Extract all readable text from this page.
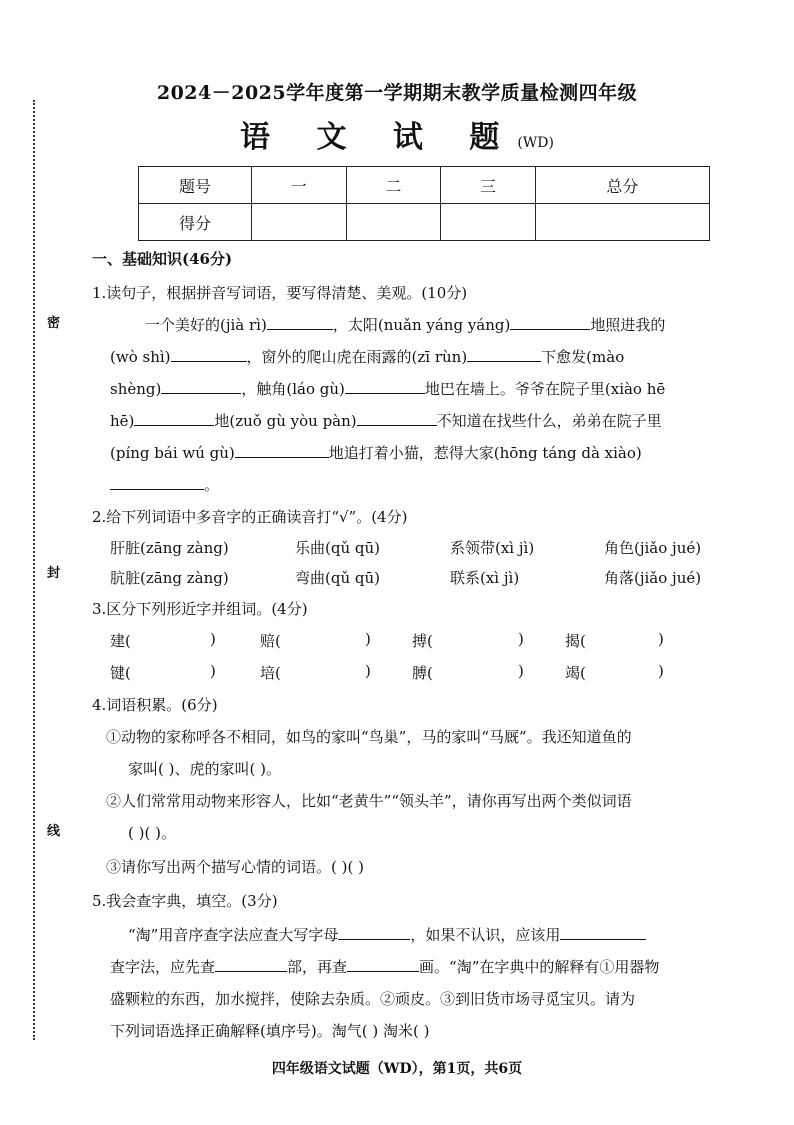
密
封
线
2024－2025学年度第一学期期末教学质量检测四年级
语 文 试 题(WD)
题号	一	二	三	总分
得分				
一、基础知识(46分)
1.读句子，根据拼音写词语，要写得清楚、美观。(10分)
一个美好的(jià rì)	，太阳(nuǎn yáng yáng)	地照进我的
(wò shì)	，窗外的爬山虎在雨露的(zī rùn)	下愈发(mào
shèng)	，触角(láo gù)	地巴在墙上。爷爷在院子里(xiào hē
hē)	地(zuǒ gù yòu pàn)	不知道在找些什么，弟弟在院子里
(píng bái wú gù)	地追打着小猫，惹得大家(hōng táng dà xiào)
。
2.给下列词语中多音字的正确读音打“√”。(4分)
肝脏(zāng zàng)	乐曲(qǔ qū)	系领带(xì jì)	角色(jiǎo jué)
肮脏(zāng zàng)	弯曲(qǔ qū)	联系(xì jì)	角落(jiǎo jué)
3.区分下列形近字并组词。(4分)
建(	)	赔(	)	搏(	)	揭(	)
键(	)	培(	)	膊(	)	竭(	)
4.词语积累。(6分)
①动物的家称呼各不相同，如鸟的家叫“鸟巢”，马的家叫“马厩”。我还知道鱼的
家叫( )、虎的家叫( )。
②人们常常用动物来形容人，比如“老黄牛”“领头羊”，请你再写出两个类似词语
( )( )。
③请你写出两个描写心情的词语。( )( )
5.我会查字典，填空。(3分)
“淘”用音序查字法应查大写字母	，如果不认识，应该用
查字法，应先查	部，再查	画。“淘”在字典中的解释有①用器物
盛颗粒的东西，加水搅拌，使除去杂质。②顽皮。③到旧货市场寻觅宝贝。请为
下列词语选择正确解释(填序号)。淘气( ) 淘米( )
四年级语文试题（WD），第1页，共6页
